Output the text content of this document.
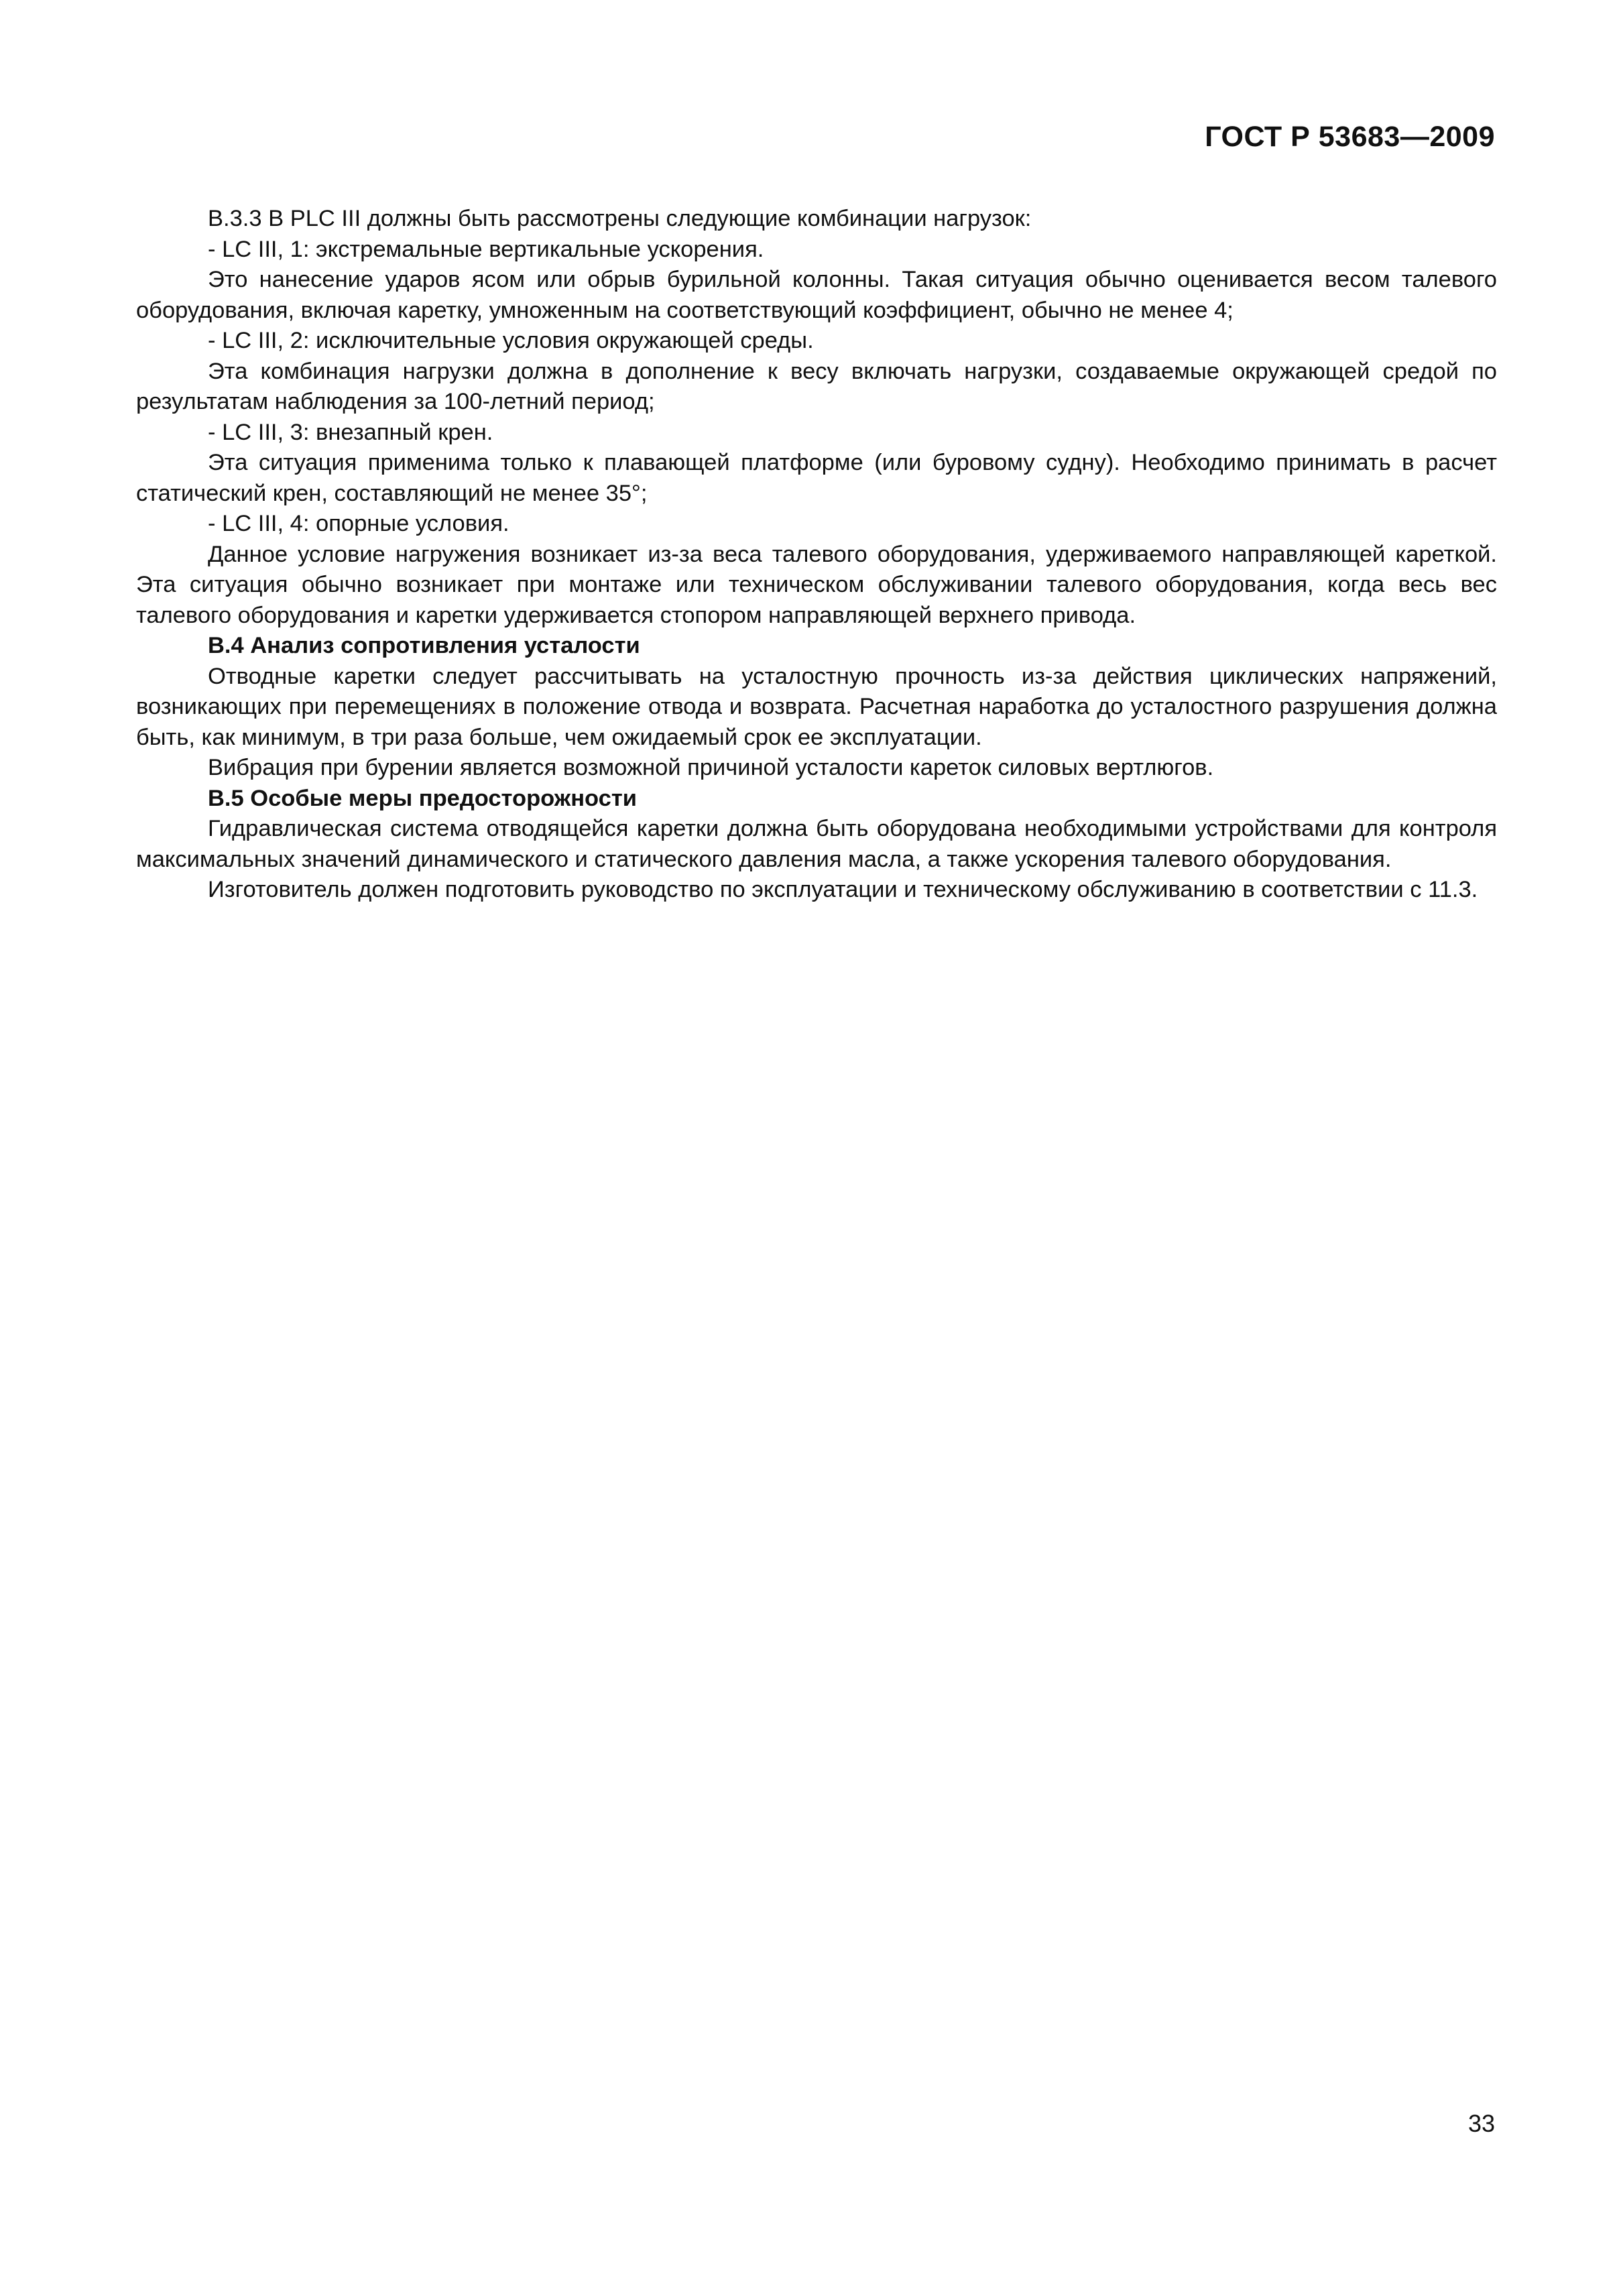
ГОСТ Р 53683—2009

B.3.3 В PLC III должны быть рассмотрены следующие комбинации нагрузок:

- LC III, 1: экстремальные вертикальные ускорения.

Это нанесение ударов ясом или обрыв бурильной колонны. Такая ситуация обычно оценивается весом талевого оборудования, включая каретку, умноженным на соответствующий коэффициент, обычно не менее 4;

- LC III, 2: исключительные условия окружающей среды.

Эта комбинация нагрузки должна в дополнение к весу включать нагрузки, создаваемые окружающей средой по результатам наблюдения за 100-летний период;

- LC III, 3: внезапный крен.

Эта ситуация применима только к плавающей платформе (или буровому судну). Необходимо принимать в расчет статический крен, составляющий не менее 35°;

- LC III, 4: опорные условия.

Данное условие нагружения возникает из-за веса талевого оборудования, удерживаемого направляющей кареткой. Эта ситуация обычно возникает при монтаже или техническом обслуживании талевого оборудования, когда весь вес талевого оборудования и каретки удерживается стопором направляющей верхнего привода.

B.4 Анализ сопротивления усталости

Отводные каретки следует рассчитывать на усталостную прочность из-за действия циклических напряжений, возникающих при перемещениях в положение отвода и возврата. Расчетная наработка до усталостного разрушения должна быть, как минимум, в три раза больше, чем ожидаемый срок ее эксплуатации.

Вибрация при бурении является возможной причиной усталости кареток силовых вертлюгов.

B.5 Особые меры предосторожности

Гидравлическая система отводящейся каретки должна быть оборудована необходимыми устройствами для контроля максимальных значений динамического и статического давления масла, а также ускорения талевого оборудования.

Изготовитель должен подготовить руководство по эксплуатации и техническому обслуживанию в соответствии с 11.3.

33
